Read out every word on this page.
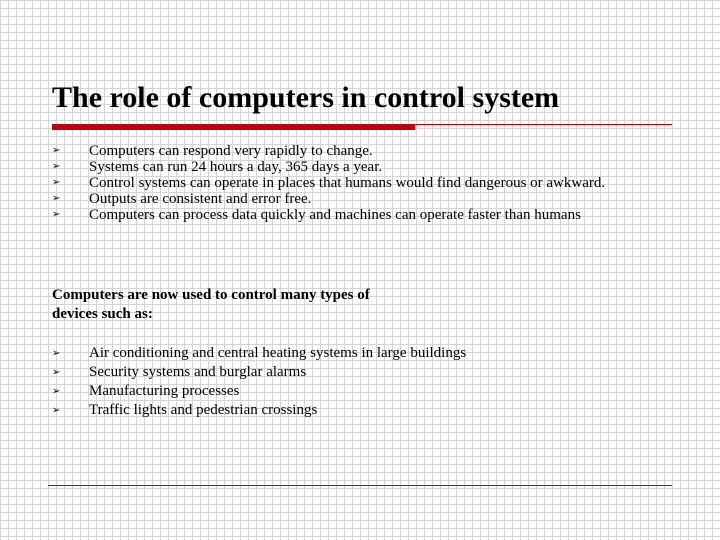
The role of computers in control system
➢ Computers can respond very rapidly to change.
➢ Systems can run 24 hours a day, 365 days a year.
➢ Control systems can operate in places that humans would find dangerous or awkward.
➢ Outputs are consistent and error free.
➢ Computers can process data quickly and machines can operate faster than humans

Computers are now used to control many types of devices such as:

➢ Air conditioning and central heating systems in large buildings
➢ Security systems and burglar alarms
➢ Manufacturing processes
➢ Traffic lights and pedestrian crossings
